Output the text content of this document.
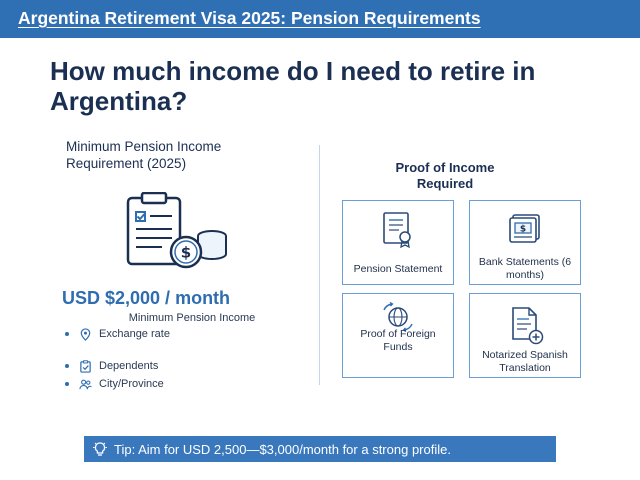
Argentina Retirement Visa 2025: Pension Requirements
How much income do I need to retire in Argentina?
Minimum Pension Income Requirement (2025)
$
USD $2,000 / month
Minimum Pension Income
Exchange rate
Dependents
City/Province
Proof of Income Required
Pension Statement
$
Bank Statements (6 months)
Proof of Foreign Funds
Notarized Spanish Translation
Tip: Aim for USD 2,500—$3,000/month for a strong profile.
